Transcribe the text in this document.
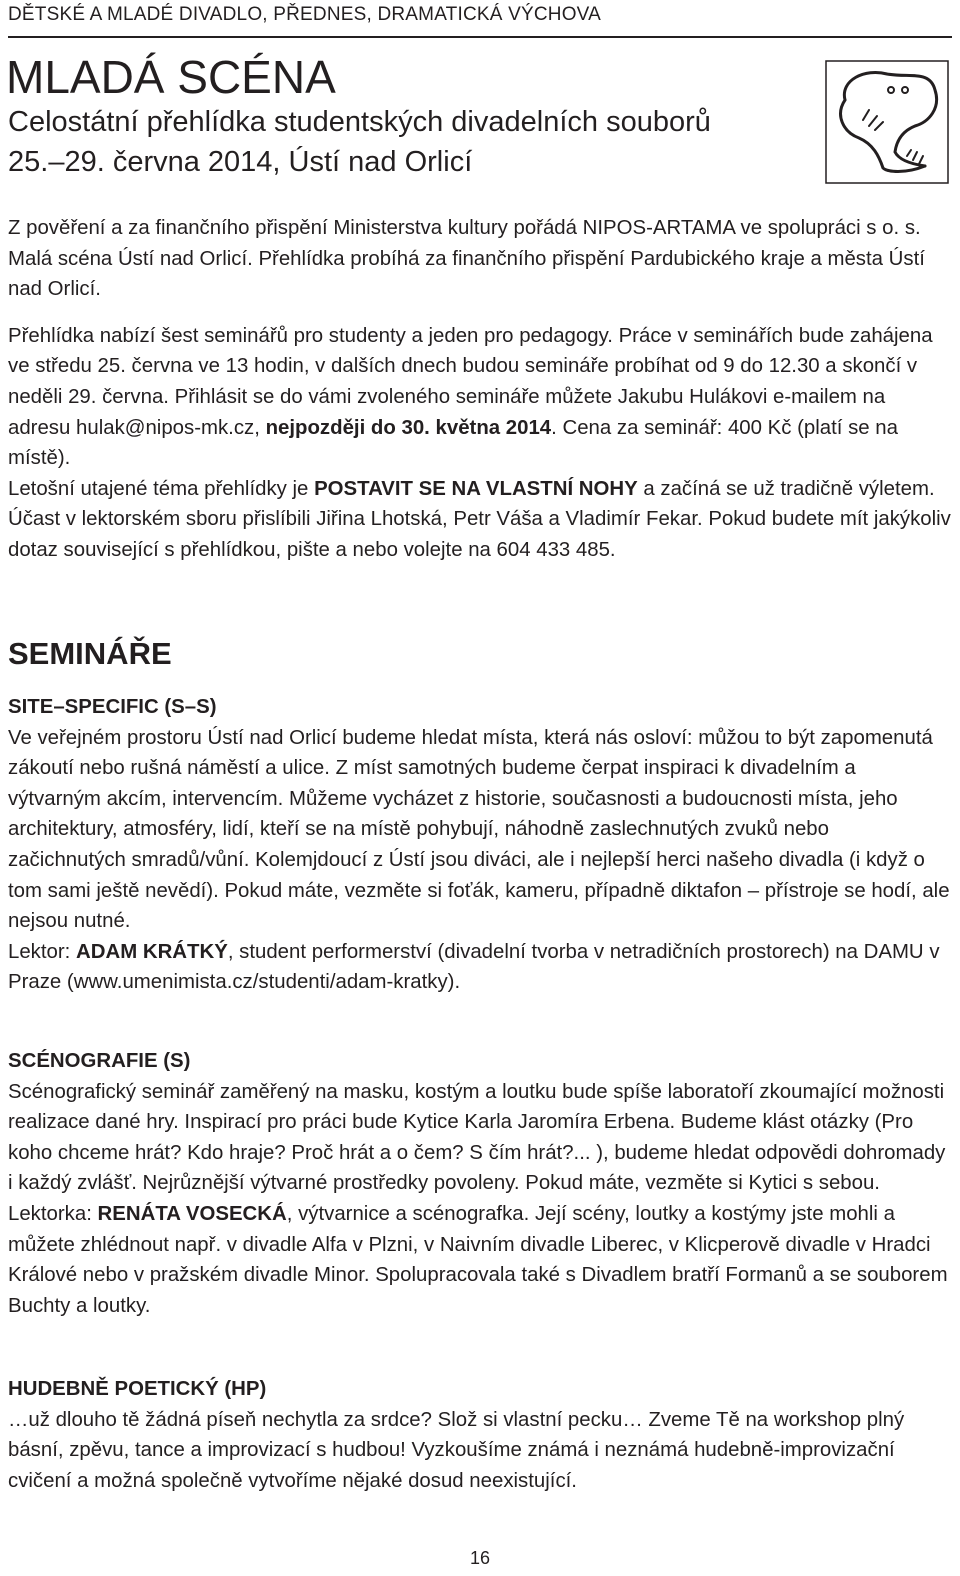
DĚTSKÉ A MLADÉ DIVADLO, PŘEDNES, DRAMATICKÁ VÝCHOVA
MLADÁ SCÉNA
Celostátní přehlídka studentských divadelních souborů
25.–29. června 2014, Ústí nad Orlicí

Z pověření a za finančního přispění Ministerstva kultury pořádá NIPOS-ARTAMA ve spolupráci s o. s. Malá scéna Ústí nad Orlicí. Přehlídka probíhá za finančního přispění Pardubického kraje a města Ústí nad Orlicí.

Přehlídka nabízí šest seminářů pro studenty a jeden pro pedagogy. Práce v seminářích bude zahájena ve středu 25. června ve 13 hodin, v dalších dnech budou semináře probíhat od 9 do 12.30 a skončí v neděli 29. června. Přihlásit se do vámi zvoleného semináře můžete Jakubu Hulákovi e-mailem na adresu hulak@nipos-mk.cz, nejpozději do 30. května 2014. Cena za seminář: 400 Kč (platí se na místě).

Letošní utajené téma přehlídky je POSTAVIT SE NA VLASTNÍ NOHY a začíná se už tradičně výletem. Účast v lektorském sboru přislíbili Jiřina Lhotská, Petr Váša a Vladimír Fekar. Pokud budete mít jakýkoliv dotaz související s přehlídkou, pište a nebo volejte na 604 433 485.

SEMINÁŘE
SITE–SPECIFIC (S–S)

Ve veřejném prostoru Ústí nad Orlicí budeme hledat místa, která nás osloví: můžou to být zapomenutá zákoutí nebo rušná náměstí a ulice. Z míst samotných budeme čerpat inspiraci k divadelním a výtvarným akcím, intervencím. Můžeme vycházet z historie, současnosti a budoucnosti místa, jeho architektury, atmosféry, lidí, kteří se na místě pohybují, náhodně zaslechnutých zvuků nebo začichnutých smradů/vůní. Kolemjdoucí z Ústí jsou diváci, ale i nejlepší herci našeho divadla (i když o tom sami ještě nevědí). Pokud máte, vezměte si foťák, kameru, případně diktafon – přístroje se hodí, ale nejsou nutné.

Lektor: ADAM KRÁTKÝ, student performerství (divadelní tvorba v netradičních prostorech) na DAMU v Praze (www.umenimista.cz/studenti/adam-kratky).

SCÉNOGRAFIE (S)

Scénografický seminář zaměřený na masku, kostým a loutku bude spíše laboratoří zkoumající možnosti realizace dané hry. Inspirací pro práci bude Kytice Karla Jaromíra Erbena. Budeme klást otázky (Pro koho chceme hrát? Kdo hraje? Proč hrát a o čem? S čím hrát?... ), budeme hledat odpovědi dohromady i každý zvlášť. Nejrůznější výtvarné prostředky povoleny. Pokud máte, vezměte si Kytici s sebou.

Lektorka: RENÁTA VOSECKÁ, výtvarnice a scénografka. Její scény, loutky a kostýmy jste mohli a můžete zhlédnout např. v divadle Alfa v Plzni, v Naivním divadle Liberec, v Klicperově divadle v Hradci Králové nebo v pražském divadle Minor. Spolupracovala také s Divadlem bratří Formanů a se souborem Buchty a loutky.

HUDEBNĚ POETICKÝ (HP)

…už dlouho tě žádná píseň nechytla za srdce? Slož si vlastní pecku… Zveme Tě na workshop plný básní, zpěvu, tance a improvizací s hudbou! Vyzkoušíme známá i neznámá hudebně-improvizační cvičení a možná společně vytvoříme nějaké dosud neexistující.

16
